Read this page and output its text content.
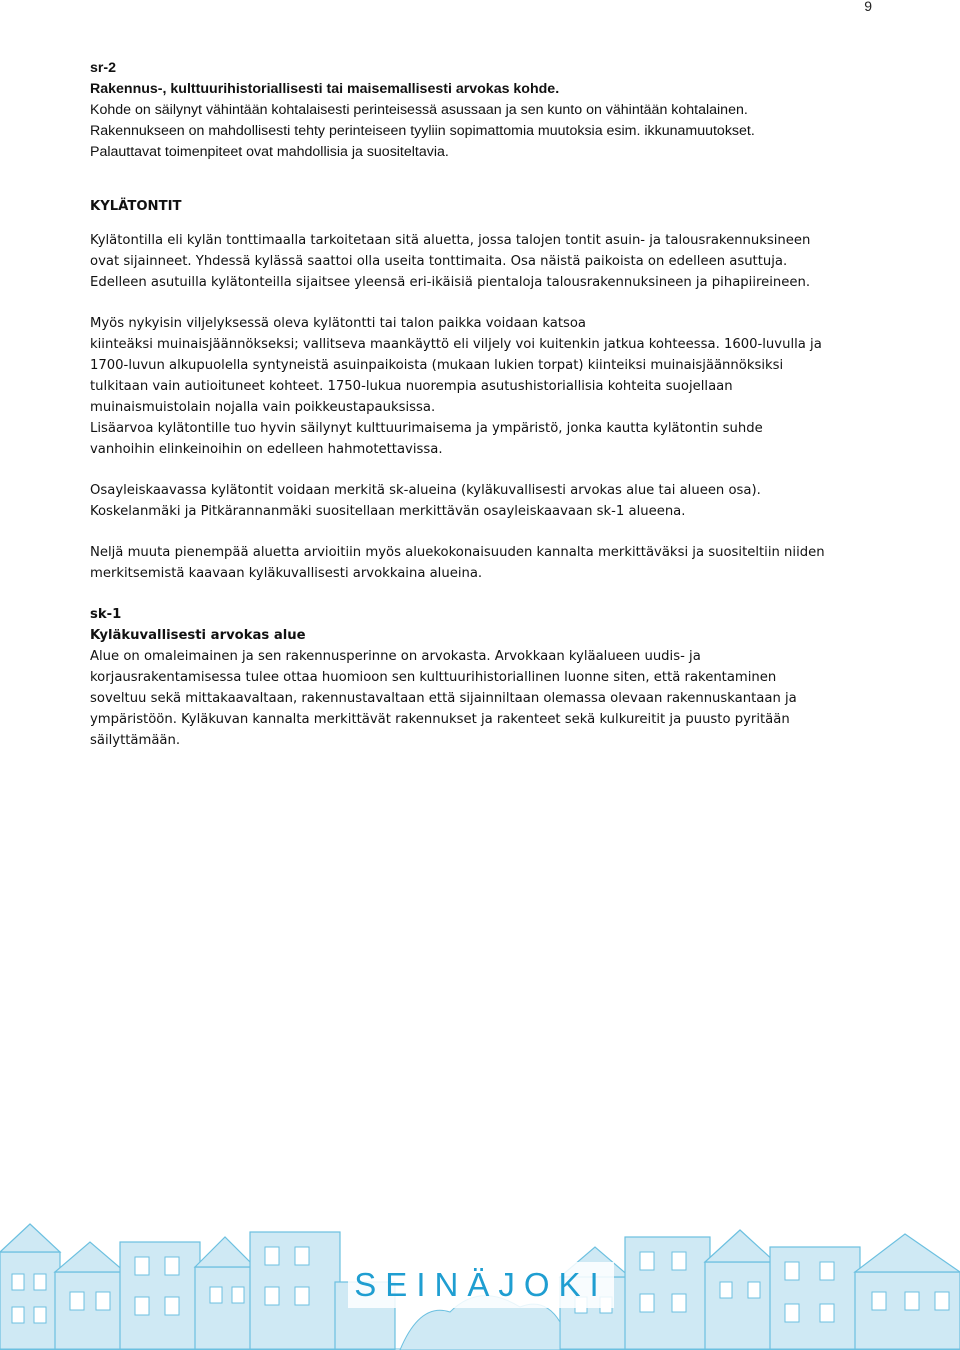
9

sr-2

Rakennus-, kulttuurihistoriallisesti tai maisemallisesti arvokas kohde.

Kohde on säilynyt vähintään kohtalaisesti perinteisessä asussaan ja sen kunto on vähintään kohtalainen.

Rakennukseen on mahdollisesti tehty perinteiseen tyyliin sopimattomia muutoksia esim. ikkunamuutokset.

Palauttavat toimenpiteet ovat mahdollisia ja suositeltavia.

KYLÄTONTIT

Kylätontilla eli kylän tonttimaalla tarkoitetaan sitä aluetta, jossa talojen tontit asuin- ja talousrakennuksineen

ovat sijainneet. Yhdessä kylässä saattoi olla useita tonttimaita. Osa näistä paikoista on edelleen asuttuja.

Edelleen asutuilla kylätonteilla sijaitsee yleensä eri-ikäisiä pientaloja talousrakennuksineen ja pihapiireineen.

Myös nykyisin viljelyksessä oleva kylätontti tai talon paikka voidaan katsoa

kiinteäksi muinaisjäännökseksi; vallitseva maankäyttö eli viljely voi kuitenkin jatkua kohteessa. 1600-luvulla ja

1700-luvun alkupuolella syntyneistä asuinpaikoista (mukaan lukien torpat) kiinteiksi muinaisjäännöksiksi

tulkitaan vain autioituneet kohteet. 1750-lukua nuorempia asutushistoriallisia kohteita suojellaan

muinaismuistolain nojalla vain poikkeustapauksissa.

Lisäarvoa kylätontille tuo hyvin säilynyt kulttuurimaisema ja ympäristö, jonka kautta kylätontin suhde

vanhoihin elinkeinoihin on edelleen hahmotettavissa.

Osayleiskaavassa kylätontit voidaan merkitä sk-alueina (kyläkuvallisesti arvokas alue tai alueen osa).

Koskelanmäki ja Pitkärannanmäki suositellaan merkittävän osayleiskaavaan sk-1 alueena.

Neljä muuta pienempää aluetta arvioitiin myös aluekokonaisuuden kannalta merkittäväksi ja suositeltiin niiden

merkitsemistä kaavaan kyläkuvallisesti arvokkaina alueina.

sk-1

Kyläkuvallisesti arvokas alue

Alue on omaleimainen ja sen rakennusperinne on arvokasta. Arvokkaan kyläalueen uudis- ja

korjausrakentamisessa tulee ottaa huomioon sen kulttuurihistoriallinen luonne siten, että rakentaminen

soveltuu sekä mittakaavaltaan, rakennustavaltaan että sijainniltaan olemassa olevaan rakennuskantaan ja

ympäristöön. Kyläkuvan kannalta merkittävät rakennukset ja rakenteet sekä kulkureitit ja puusto pyritään

säilyttämään.

SEINÄJOKI
